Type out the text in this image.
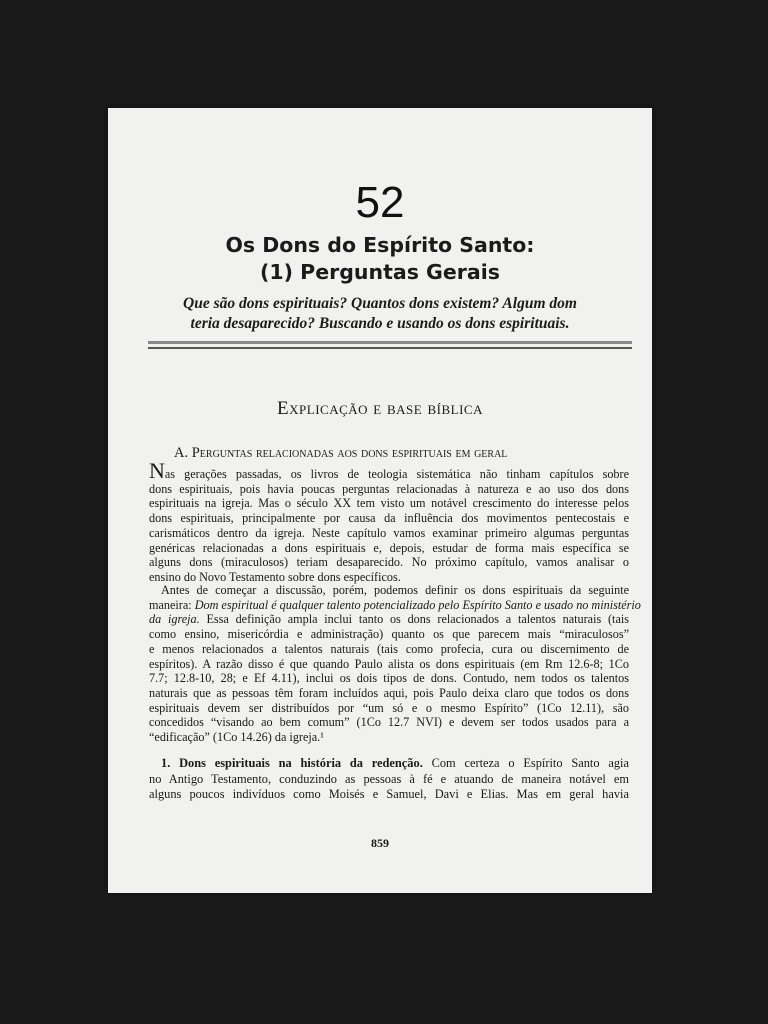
52
Os Dons do Espírito Santo:
(1) Perguntas Gerais
Que são dons espirituais? Quantos dons existem? Algum dom
teria desaparecido? Buscando e usando os dons espirituais.
Explicação e base bíblica
A. Perguntas relacionadas aos dons espirituais em geral
Nas gerações passadas, os livros de teologia sistemática não tinham capítulos sobre
dons espirituais, pois havia poucas perguntas relacionadas à natureza e ao uso dos dons
espirituais na igreja. Mas o século XX tem visto um notável crescimento do interesse pelos
dons espirituais, principalmente por causa da influência dos movimentos pentecostais e
carismáticos dentro da igreja. Neste capítulo vamos examinar primeiro algumas perguntas
genéricas relacionadas a dons espirituais e, depois, estudar de forma mais específica se
alguns dons (miraculosos) teriam desaparecido. No próximo capítulo, vamos analisar o
ensino do Novo Testamento sobre dons específicos.
Antes de começar a discussão, porém, podemos definir os dons espirituais da seguinte
maneira: Dom espiritual é qualquer talento potencializado pelo Espírito Santo e usado no ministério
da igreja. Essa definição ampla inclui tanto os dons relacionados a talentos naturais (tais
como ensino, misericórdia e administração) quanto os que parecem mais “miraculosos”
e menos relacionados a talentos naturais (tais como profecia, cura ou discernimento de
espíritos). A razão disso é que quando Paulo alista os dons espirituais (em Rm 12.6-8; 1Co
7.7; 12.8-10, 28; e Ef 4.11), inclui os dois tipos de dons. Contudo, nem todos os talentos
naturais que as pessoas têm foram incluídos aqui, pois Paulo deixa claro que todos os dons
espirituais devem ser distribuídos por “um só e o mesmo Espírito” (1Co 12.11), são
concedidos “visando ao bem comum” (1Co 12.7 NVI) e devem ser todos usados para a
“edificação” (1Co 14.26) da igreja.¹
1. Dons espirituais na história da redenção. Com certeza o Espírito Santo agia
no Antigo Testamento, conduzindo as pessoas à fé e atuando de maneira notável em
alguns poucos indivíduos como Moisés e Samuel, Davi e Elias. Mas em geral havia
859
